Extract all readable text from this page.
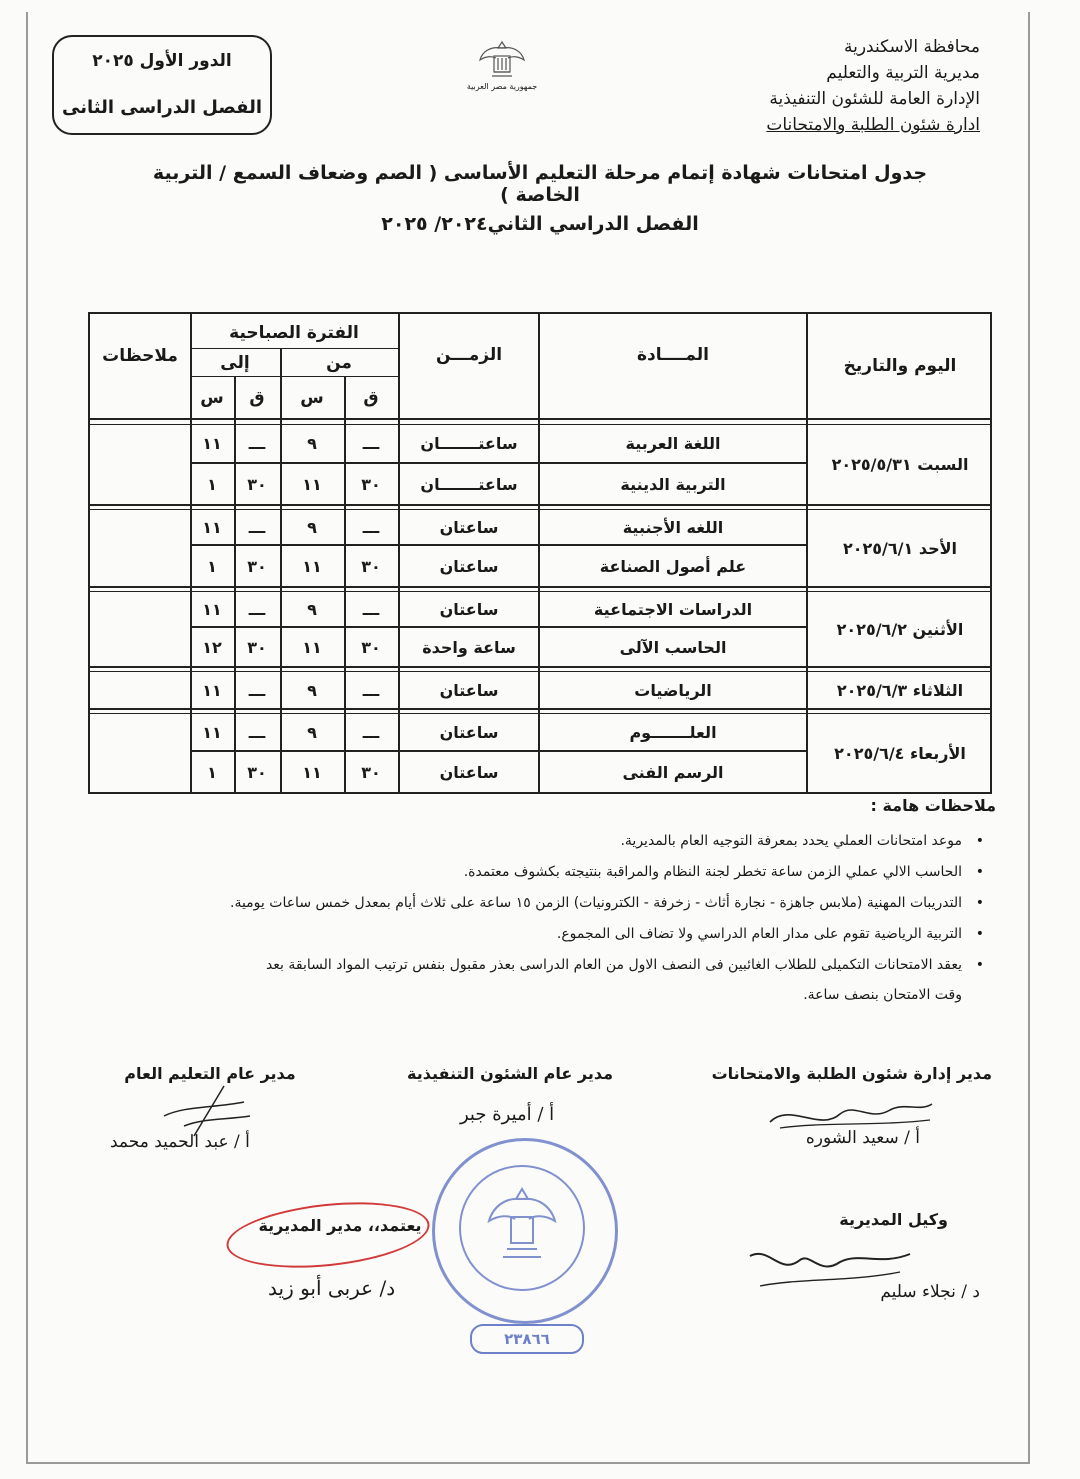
محافظة الاسكندرية
مديرية التربية والتعليم
الإدارة العامة للشئون التنفيذية
ادارة شئون الطلبة والامتحانات
جمهورية مصر العربية
الدور الأول ٢٠٢٥
الفصل الدراسى الثانى
جدول امتحانات شهادة إتمام مرحلة التعليم الأساسى ( الصم وضعاف السمع / التربية الخاصة )
الفصل الدراسي الثاني٢٠٢٤/ ٢٠٢٥
اليوم والتاريخ
المــــادة
الزمـــن
الفترة الصباحية
من
إلى
ق
س
ق
س
ملاحظات
السبت ٢٠٢٥/٥/٣١
الأحد ٢٠٢٥/٦/١
الأثنين ٢٠٢٥/٦/٢
الثلاثاء ٢٠٢٥/٦/٣
الأربعاء ٢٠٢٥/٦/٤
اللغة العربية
ساعتـــــــان
ـــ
٩
ـــ
١١
التربية الدينية
ساعتـــــــان
٣٠
١١
٣٠
١
اللغه الأجنبية
ساعتان
ـــ
٩
ـــ
١١
علم أصول الصناعة
ساعتان
٣٠
١١
٣٠
١
الدراسات الاجتماعية
ساعتان
ـــ
٩
ـــ
١١
الحاسب الآلى
ساعة واحدة
٣٠
١١
٣٠
١٢
الرياضيات
ساعتان
ـــ
٩
ـــ
١١
العلـــــــوم
ساعتان
ـــ
٩
ـــ
١١
الرسم الفنى
ساعتان
٣٠
١١
٣٠
١
ملاحظات هامة :
• موعد امتحانات العملي يحدد بمعرفة التوجيه العام بالمديرية.
• الحاسب الالي عملي الزمن ساعة تخطر لجنة النظام والمراقبة بنتيجته بكشوف معتمدة.
• التدريبات المهنية (ملابس جاهزة - نجارة أثاث - زخرفة - الكترونيات) الزمن ١٥ ساعة على ثلاث أيام بمعدل خمس ساعات يومية.
• التربية الرياضية تقوم على مدار العام الدراسي ولا تضاف الى المجموع.
• يعقد الامتحانات التكميلى للطلاب الغائبين فى النصف الاول من العام الدراسى بعذر مقبول بنفس ترتيب المواد السابقة بعد
وقت الامتحان بنصف ساعة.
مدير إدارة شئون الطلبة والامتحانات
مدير عام الشئون التنفيذية
مدير عام التعليم العام
أ / سعيد الشوره
أ / عبد الحميد محمد
أ / أميرة جبر
٢٣٨٦٦
يعتمد،، مدير المديرية
د/ عربى أبو زيد
وكيل المديرية
د / نجلاء سليم
